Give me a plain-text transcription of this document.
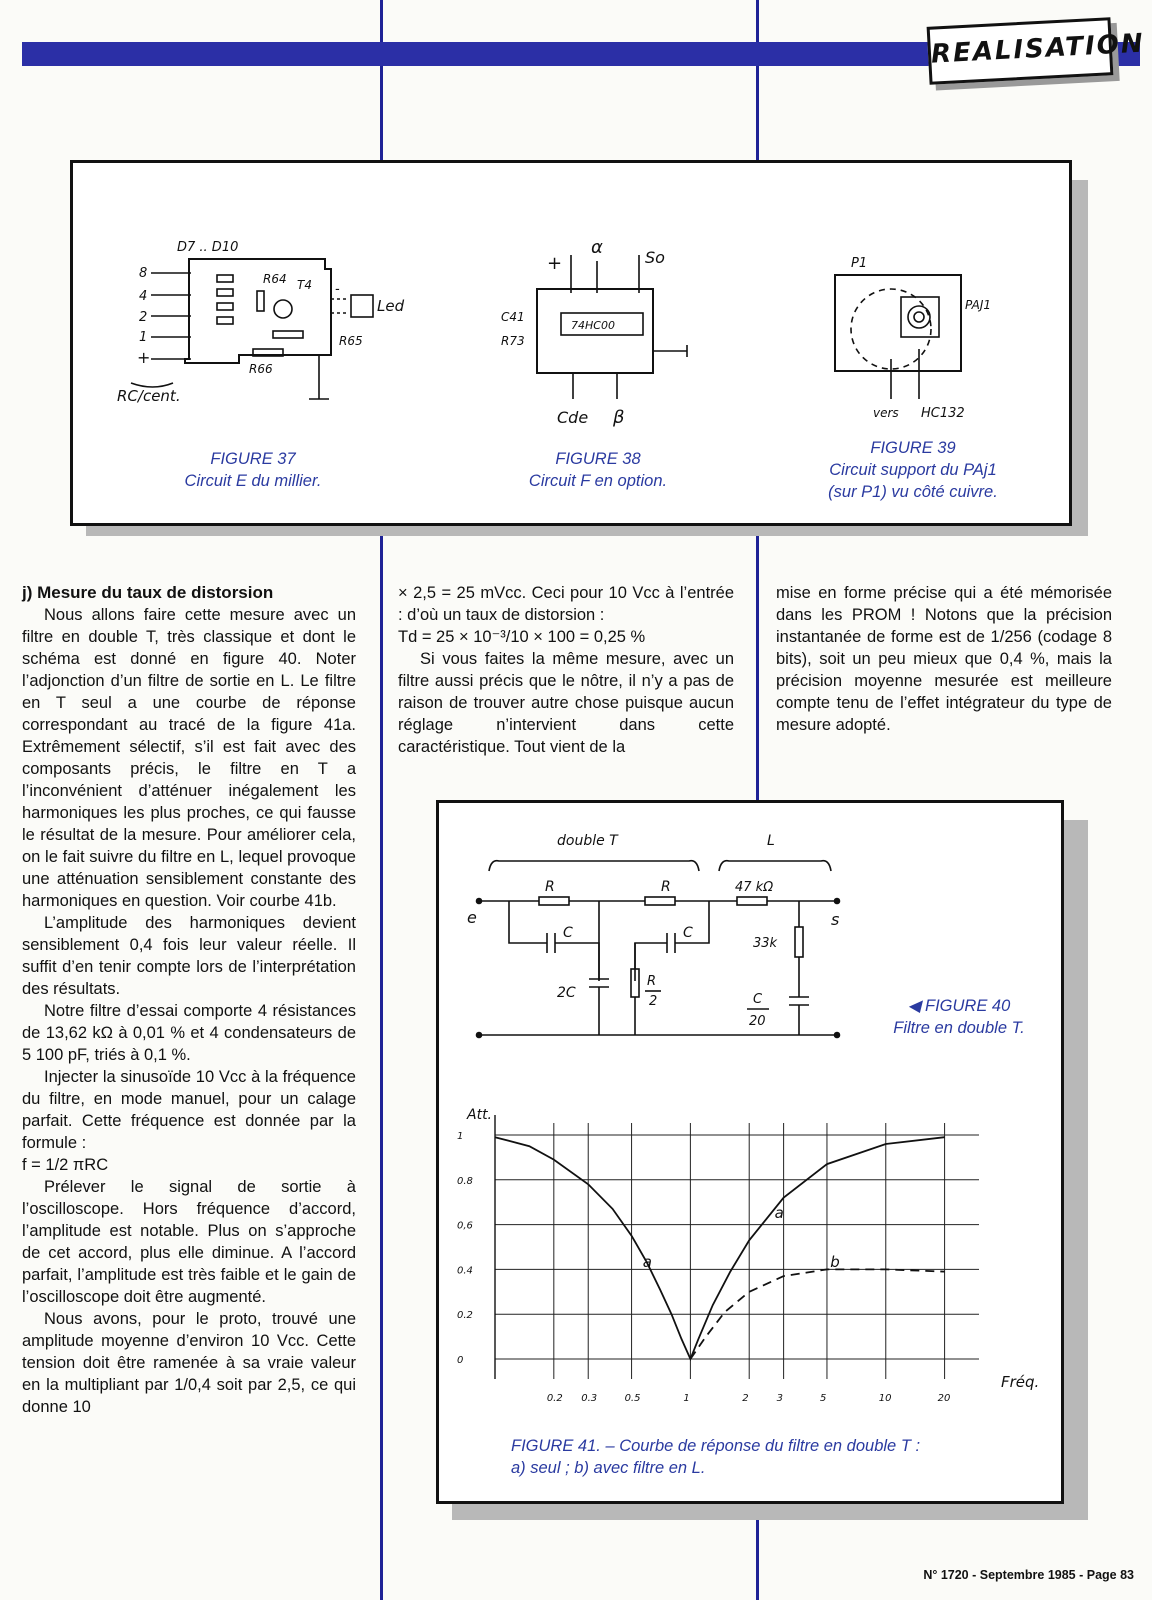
REALISATION
D7 .. D10
8
4
2
1
+
R64 T4
Led
-
R65
R66
RC/cent.
α
+	So
74HC00
C41
R73
Cde β
P1
PAJ1
vers HC132
FIGURE 37
Circuit E du millier.
FIGURE 38
Circuit F en option.
FIGURE 39
Circuit support du PAj1
(sur P1) vu côté cuivre.

j) Mesure du taux de distorsion

Nous allons faire cette mesure avec un filtre en double T, très classique et dont le schéma est donné en figure 40. Noter l’adjonction d’un filtre de sortie en L. Le filtre en T seul a une courbe de réponse correspondant au tracé de la figure 41a. Extrêmement sélectif, s’il est fait avec des composants précis, le filtre en T a l’inconvénient d’atténuer inégalement les harmoniques les plus proches, ce qui fausse le résultat de la mesure. Pour améliorer cela, on le fait suivre du filtre en L, lequel provoque une atténuation sensiblement constante des harmoniques en question. Voir courbe 41b.

L’amplitude des harmoniques devient sensiblement 0,4 fois leur valeur réelle. Il suffit d’en tenir compte lors de l’interprétation des résultats.

Notre filtre d’essai comporte 4 résistances de 13,62 kΩ à 0,01 % et 4 condensateurs de 5 100 pF, triés à 0,1 %.

Injecter la sinusoïde 10 Vcc à la fréquence du filtre, en mode manuel, pour un calage parfait. Cette fréquence est donnée par la formule :

f = 1/2 πRC

Prélever le signal de sortie à l’oscilloscope. Hors fréquence d’accord, l’amplitude est notable. Plus on s’approche de cet accord, plus elle diminue. A l’accord parfait, l’amplitude est très faible et le gain de l’oscilloscope doit être augmenté.

Nous avons, pour le proto, trouvé une amplitude moyenne d’environ 10 Vcc. Cette tension doit être ramenée à sa vraie valeur en la multipliant par 1/0,4 soit par 2,5, ce qui donne 10

× 2,5 = 25 mVcc. Ceci pour 10 Vcc à l’entrée : d’où un taux de distorsion :

Td = 25 × 10⁻³/10 × 100 = 0,25 %

Si vous faites la même mesure, avec un filtre aussi précis que le nôtre, il n’y a pas de raison de trouver autre chose puisque aucun réglage n’intervient dans cette caractéristique. Tout vient de la

mise en forme précise qui a été mémorisée dans les PROM ! Notons que la précision instantanée de forme est de 1/256 (codage 8 bits), soit un peu mieux que 0,4 %, mais la précision moyenne mesurée est meilleure compte tenu de l’effet intégrateur du type de mesure adopté.

double T	L
R	R	47 kΩ
e	s
C	C
2C
R
2
33k
C
20
◀ FIGURE 40
Filtre en double T.
1
0.8
0,6
0.4
0.2
0
0.2 0.3	0.5	1	2	3	5	10	20
a
a
b
Att.
Fréq.
FIGURE 41. – Courbe de réponse du filtre en double T :
a) seul ; b) avec filtre en L.
N° 1720 - Septembre 1985 - Page 83
